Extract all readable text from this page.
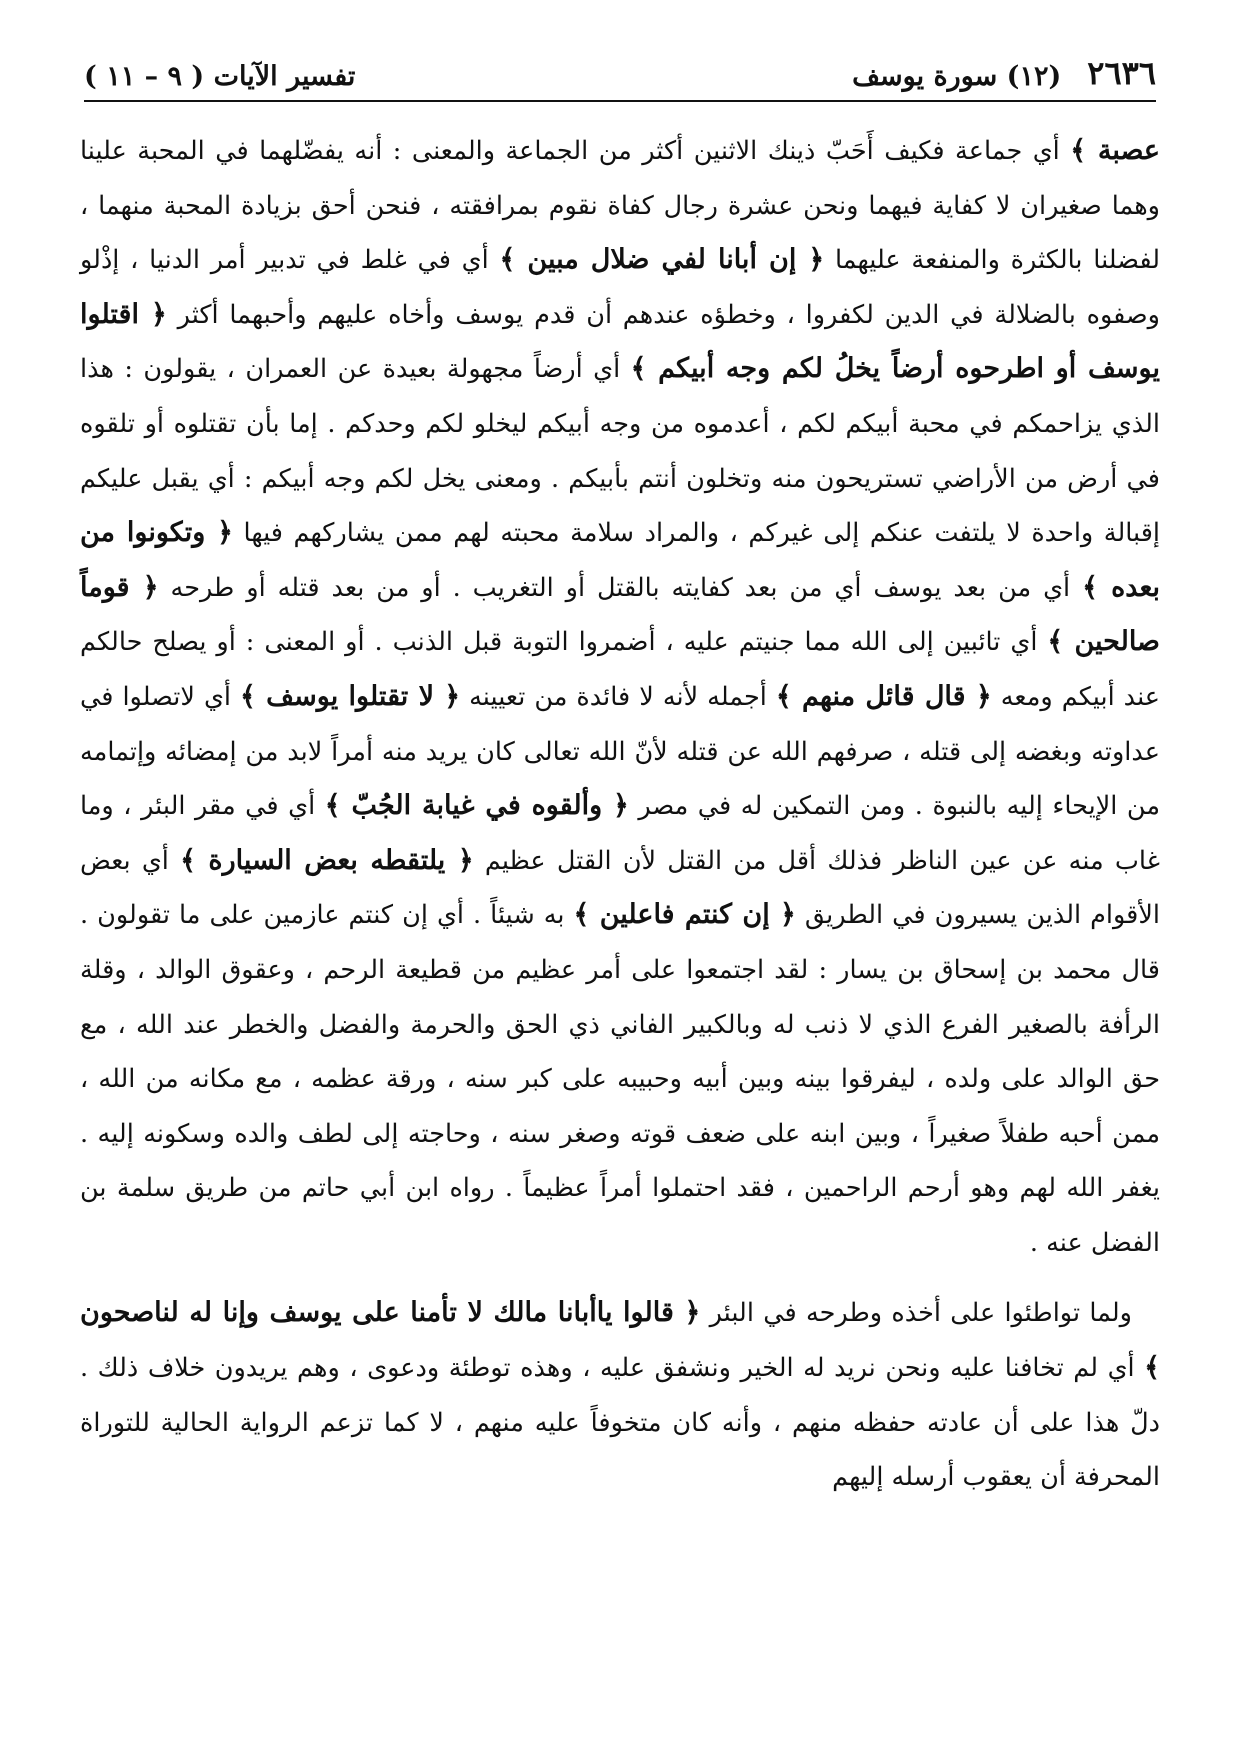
٢٦٣٦
(١٢) سورة يوسف
تفسير الآيات ( ٩ – ١١ )

عصبة ﴾ أي جماعة فكيف أَحَبّ ذينك الاثنين أكثر من الجماعة والمعنى : أنه يفضّلهما في المحبة علينا وهما صغيران لا كفاية فيهما ونحن عشرة رجال كفاة نقوم بمرافقته ، فنحن أحق بزيادة المحبة منهما ، لفضلنا بالكثرة والمنفعة عليهما ﴿ إن أبانا لفي ضلال مبين ﴾ أي في غلط في تدبير أمر الدنيا ، إذْلو وصفوه بالضلالة في الدين لكفروا ، وخطؤه عندهم أن قدم يوسف وأخاه عليهم وأحبهما أكثر ﴿ اقتلوا يوسف أو اطرحوه أرضاً يخلُ لكم وجه أبيكم ﴾ أي أرضاً مجهولة بعيدة عن العمران ، يقولون : هذا الذي يزاحمكم في محبة أبيكم لكم ، أعدموه من وجه أبيكم ليخلو لكم وحدكم . إما بأن تقتلوه أو تلقوه في أرض من الأراضي تستريحون منه وتخلون أنتم بأبيكم . ومعنى يخل لكم وجه أبيكم : أي يقبل عليكم إقبالة واحدة لا يلتفت عنكم إلى غيركم ، والمراد سلامة محبته لهم ممن يشاركهم فيها ﴿ وتكونوا من بعده ﴾ أي من بعد يوسف أي من بعد كفايته بالقتل أو التغريب . أو من بعد قتله أو طرحه ﴿ قوماً صالحين ﴾ أي تائبين إلى الله مما جنيتم عليه ، أضمروا التوبة قبل الذنب . أو المعنى : أو يصلح حالكم عند أبيكم ومعه ﴿ قال قائل منهم ﴾ أجمله لأنه لا فائدة من تعيينه ﴿ لا تقتلوا يوسف ﴾ أي لاتصلوا في عداوته وبغضه إلى قتله ، صرفهم الله عن قتله لأنّ الله تعالى كان يريد منه أمراً لابد من إمضائه وإتمامه من الإيحاء إليه بالنبوة . ومن التمكين له في مصر ﴿ وألقوه في غيابة الجُبّ ﴾ أي في مقر البئر ، وما غاب منه عن عين الناظر فذلك أقل من القتل لأن القتل عظيم ﴿ يلتقطه بعض السيارة ﴾ أي بعض الأقوام الذين يسيرون في الطريق ﴿ إن كنتم فاعلين ﴾ به شيئاً . أي إن كنتم عازمين على ما تقولون . قال محمد بن إسحاق بن يسار : لقد اجتمعوا على أمر عظيم من قطيعة الرحم ، وعقوق الوالد ، وقلة الرأفة بالصغير الفرع الذي لا ذنب له وبالكبير الفاني ذي الحق والحرمة والفضل والخطر عند الله ، مع حق الوالد على ولده ، ليفرقوا بينه وبين أبيه وحبيبه على كبر سنه ، ورقة عظمه ، مع مكانه من الله ، ممن أحبه طفلاً صغيراً ، وبين ابنه على ضعف قوته وصغر سنه ، وحاجته إلى لطف والده وسكونه إليه . يغفر الله لهم وهو أرحم الراحمين ، فقد احتملوا أمراً عظيماً . رواه ابن أبي حاتم من طريق سلمة بن الفضل عنه .

ولما تواطئوا على أخذه وطرحه في البئر ﴿ قالوا ياأبانا مالك لا تأمنا على يوسف وإنا له لناصحون ﴾ أي لم تخافنا عليه ونحن نريد له الخير ونشفق عليه ، وهذه توطئة ودعوى ، وهم يريدون خلاف ذلك . دلّ هذا على أن عادته حفظه منهم ، وأنه كان متخوفاً عليه منهم ، لا كما تزعم الرواية الحالية للتوراة المحرفة أن يعقوب أرسله إليهم
